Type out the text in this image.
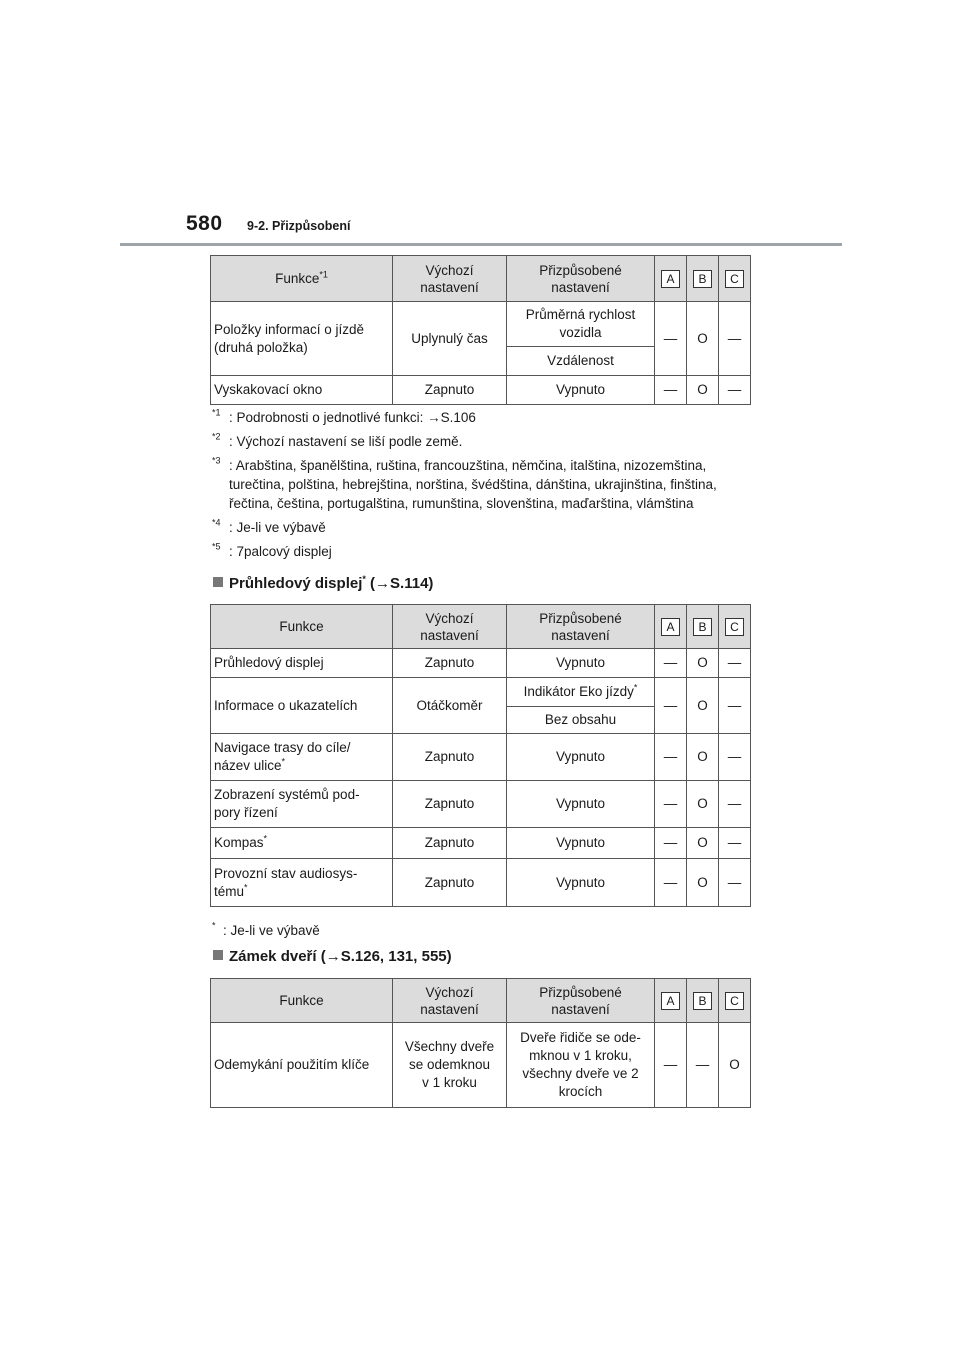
580 9-2. Přizpůsobení
Funkce$^{*1}$	Výchozí nastavení	Přizpůsobené nastavení	A	B	C
Položky informací o jízdě (druhá položka)	Uplynulý čas	Průměrná rychlost vozidla	—	O	—
		Vzdálenost			
Vyskakovací okno	Zapnuto	Vypnuto	—	O	—
$^{*1}$ : Podrobnosti o jednotlivé funkci: →S.106
$^{*2}$ : Výchozí nastavení se liší podle země.
$^{*3}$ : Arabština, španělština, ruština, francouzština, němčina, italština, nizozemština, turečtina, polština, hebrejština, norština, švédština, dánština, ukrajinština, finština, řečtina, čeština, portugalština, rumunština, slovenština, maďarština, vlámština
$^{*4}$ : Je-li ve výbavě
$^{*5}$ : 7palcový displej
Průhledový displej* (→S.114)
Funkce	Výchozí nastavení	Přizpůsobené nastavení	A	B	C
Průhledový displej	Zapnuto	Vypnuto	—	O	—
Informace o ukazatelích	Otáčkoměr	Indikátor Eko jízdy*	—	O	—
		Bez obsahu			
Navigace trasy do cíle/
název ulice*	Zapnuto	Vypnuto	—	O	—
Zobrazení systémů pod-
pory řízení	Zapnuto	Vypnuto	—	O	—
Kompas*	Zapnuto	Vypnuto	—	O	—
Provozní stav audiosys-
tému*	Zapnuto	Vypnuto	—	O	—
* : Je-li ve výbavě
Zámek dveří (→S.126, 131, 555)
Funkce	Výchozí nastavení	Přizpůsobené nastavení	A	B	C
Odemykání použitím klíče	Všechny dveře
se odemknou
v 1 kroku	Dveře řidiče se ode-
mknou v 1 kroku,
všechny dveře ve 2
krocích	—	—	O
